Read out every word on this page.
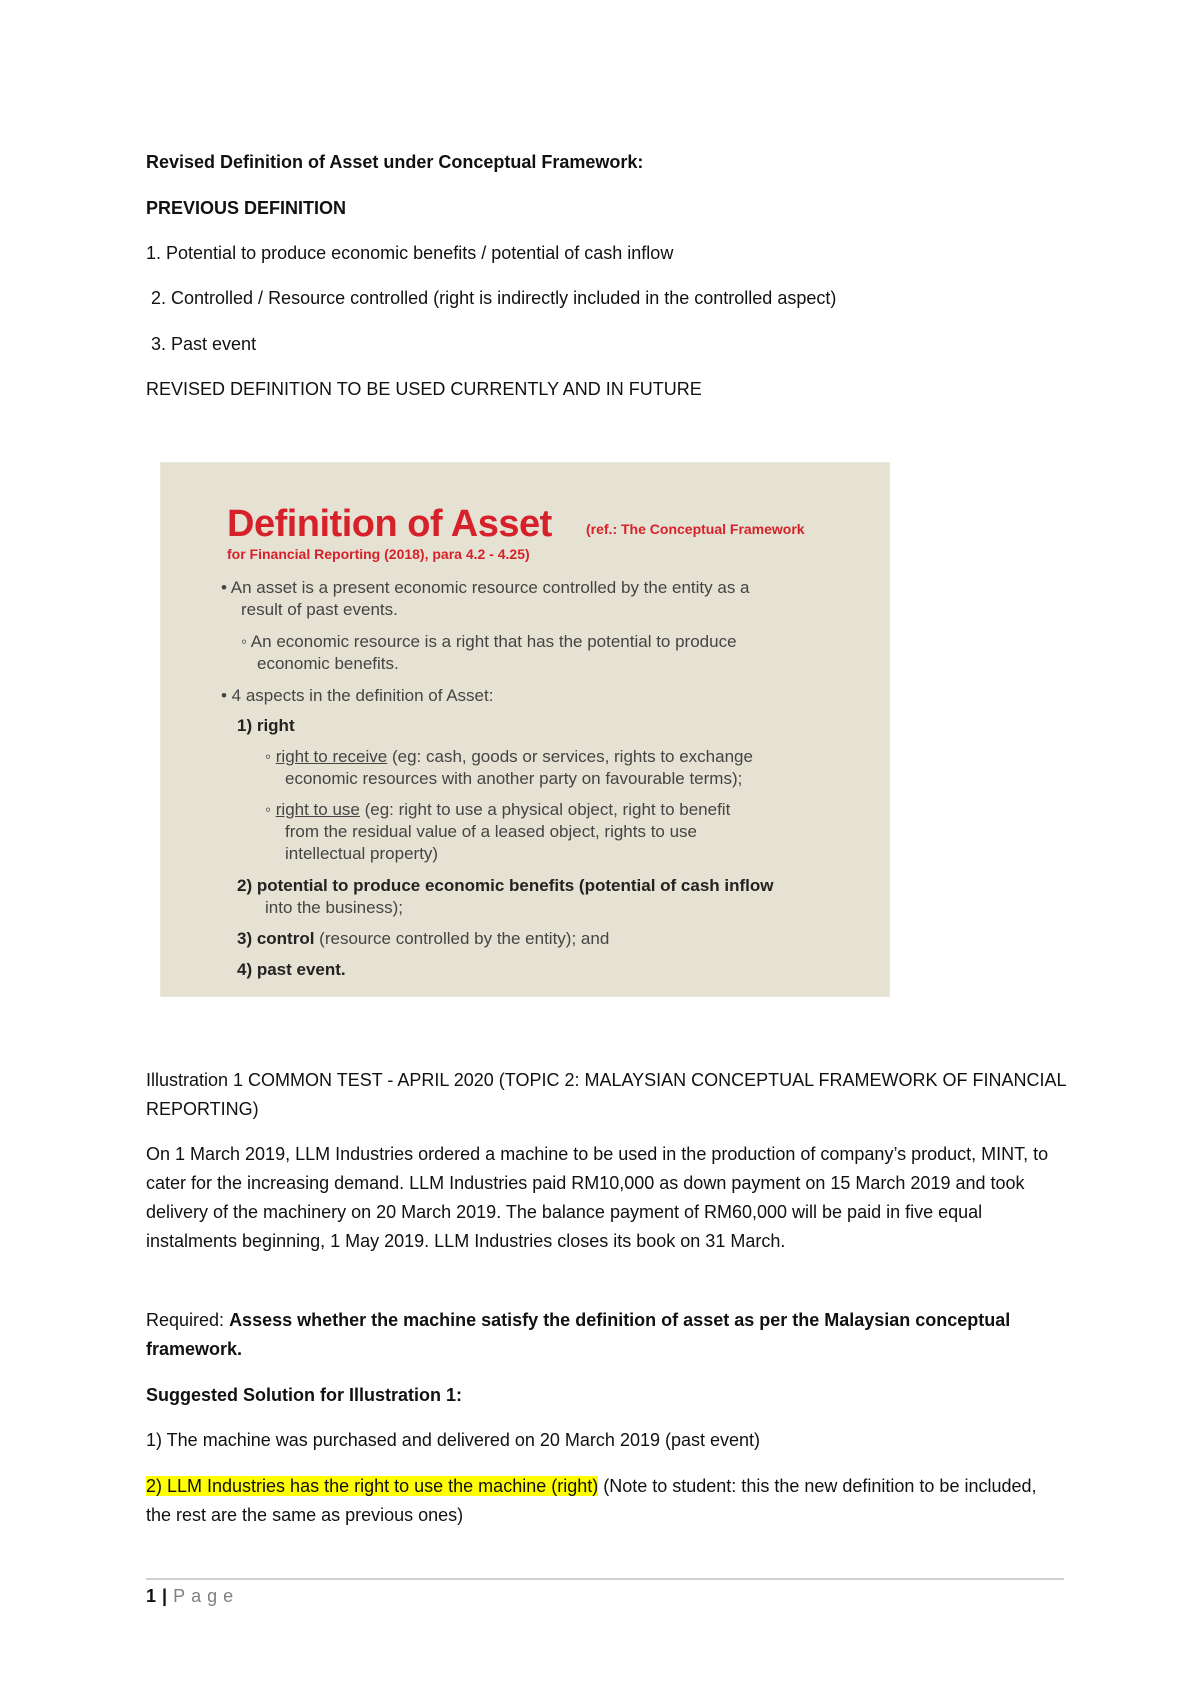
Revised Definition of Asset under Conceptual Framework:

PREVIOUS DEFINITION

1. Potential to produce economic benefits / potential of cash inflow

2. Controlled / Resource controlled (right is indirectly included in the controlled aspect)

3. Past event

REVISED DEFINITION TO BE USED CURRENTLY AND IN FUTURE

Definition of Asset (ref.: The Conceptual Framework
for Financial Reporting (2018), para 4.2 - 4.25)
• An asset is a present economic resource controlled by the entity as a
result of past events.
◦ An economic resource is a right that has the potential to produce
economic benefits.
• 4 aspects in the definition of Asset:
1) right
◦ right to receive (eg: cash, goods or services, rights to exchange
economic resources with another party on favourable terms);
◦ right to use (eg: right to use a physical object, right to benefit
from the residual value of a leased object, rights to use
intellectual property)
2) potential to produce economic benefits (potential of cash inflow
into the business);
3) control (resource controlled by the entity); and
4) past event.

Illustration 1 COMMON TEST - APRIL 2020 (TOPIC 2: MALAYSIAN CONCEPTUAL FRAMEWORK OF FINANCIAL REPORTING)

On 1 March 2019, LLM Industries ordered a machine to be used in the production of company’s product, MINT, to cater for the increasing demand. LLM Industries paid RM10,000 as down payment on 15 March 2019 and took delivery of the machinery on 20 March 2019. The balance payment of RM60,000 will be paid in five equal instalments beginning, 1 May 2019. LLM Industries closes its book on 31 March.

Required: Assess whether the machine satisfy the definition of asset as per the Malaysian conceptual framework.

Suggested Solution for Illustration 1:

1) The machine was purchased and delivered on 20 March 2019 (past event)

2) LLM Industries has the right to use the machine (right) (Note to student: this the new definition to be included, the rest are the same as previous ones)

1 | Page
